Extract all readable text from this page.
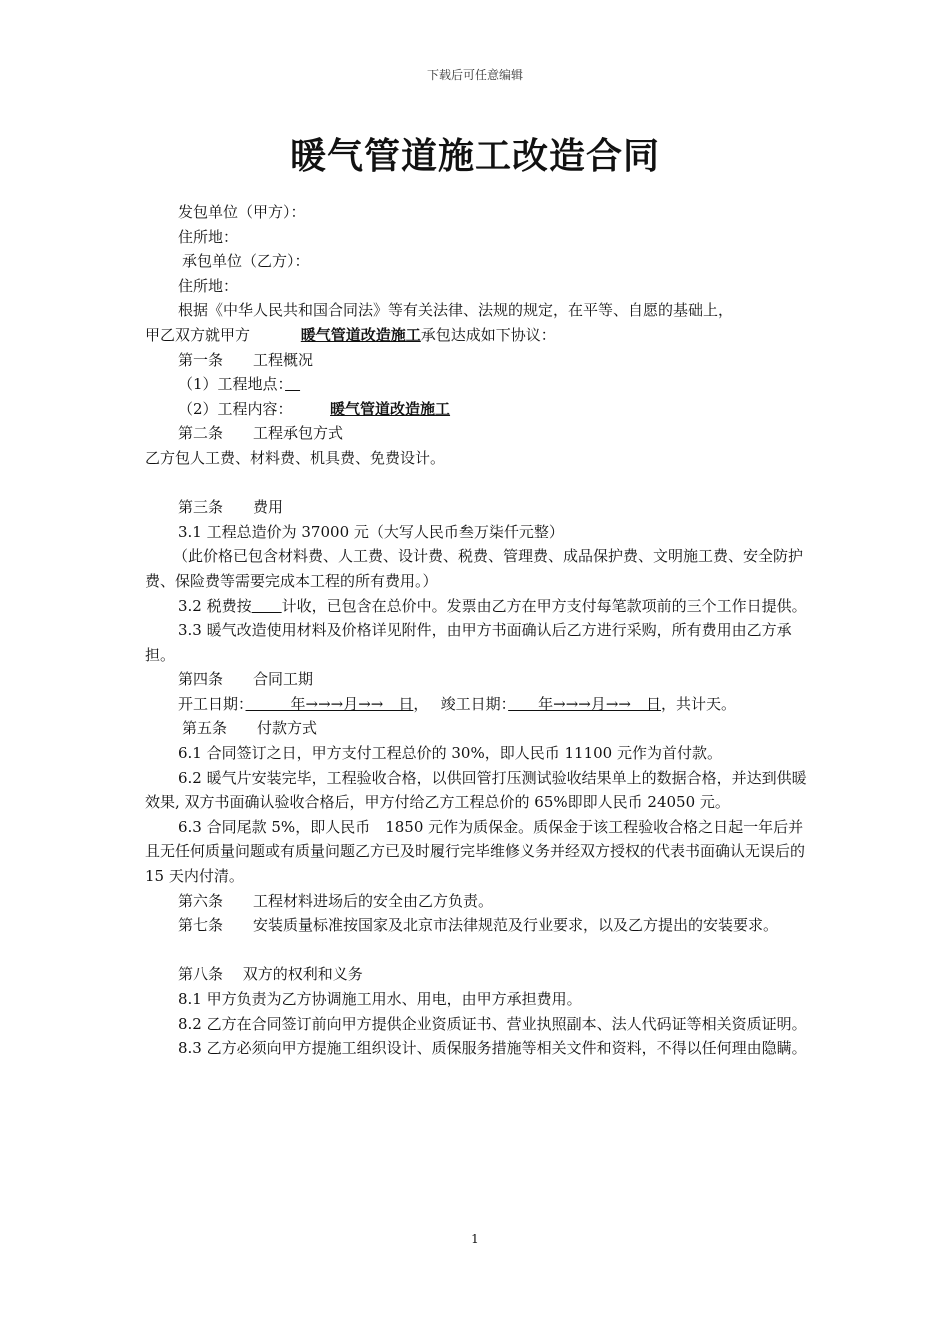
下载后可任意编辑
暖气管道施工改造合同

发包单位（甲方）：

住所地：

承包单位（乙方）：

住所地：

根据《中华人民共和国合同法》等有关法律、法规的规定，在平等、自愿的基础上，

甲乙双方就甲方	暖气管道改造施工承包达成如下协议：

第一条　　工程概况

（1）工程地点：　

（2）工程内容：　　　暖气管道改造施工

第二条　　工程承包方式

乙方包人工费、材料费、机具费、免费设计。

第三条　　费用

3.1 工程总造价为 37000 元（大写人民币叁万柒仟元整）

（此价格已包含材料费、人工费、设计费、税费、管理费、成品保护费、文明施工费、安全防护费、保险费等需要完成本工程的所有费用。）

3.2 税费按　　 计收，已包含在总价中。发票由乙方在甲方支付每笔款项前的三个工作日提供。

3.3 暖气改造使用材料及价格详见附件，由甲方书面确认后乙方进行采购，所有费用由乙方承担。

第四条　　合同工期

开工日期：　　　年→→→月→→　日，　 竣工日期：　　年→→→月→→　日，共计天。

第五条　　付款方式

6.1 合同签订之日，甲方支付工程总价的 30%，即人民币 11100 元作为首付款。

6.2 暖气片安装完毕，工程验收合格，以供回管打压测试验收结果单上的数据合格，并达到供暖效果, 双方书面确认验收合格后，甲方付给乙方工程总价的 65%即即人民币 24050 元。

6.3 合同尾款 5%，即人民币　1850 元作为质保金。质保金于该工程验收合格之日起一年后并且无任何质量问题或有质量问题乙方已及时履行完毕维修义务并经双方授权的代表书面确认无误后的 15 天内付清。

第六条　　工程材料进场后的安全由乙方负责。

第七条　　安装质量标准按国家及北京市法律规范及行业要求，以及乙方提出的安装要求。

第八条　 双方的权利和义务

8.1 甲方负责为乙方协调施工用水、用电，由甲方承担费用。

8.2 乙方在合同签订前向甲方提供企业资质证书、营业执照副本、法人代码证等相关资质证明。

8.3 乙方必须向甲方提施工组织设计、质保服务措施等相关文件和资料，不得以任何理由隐瞒。

1
